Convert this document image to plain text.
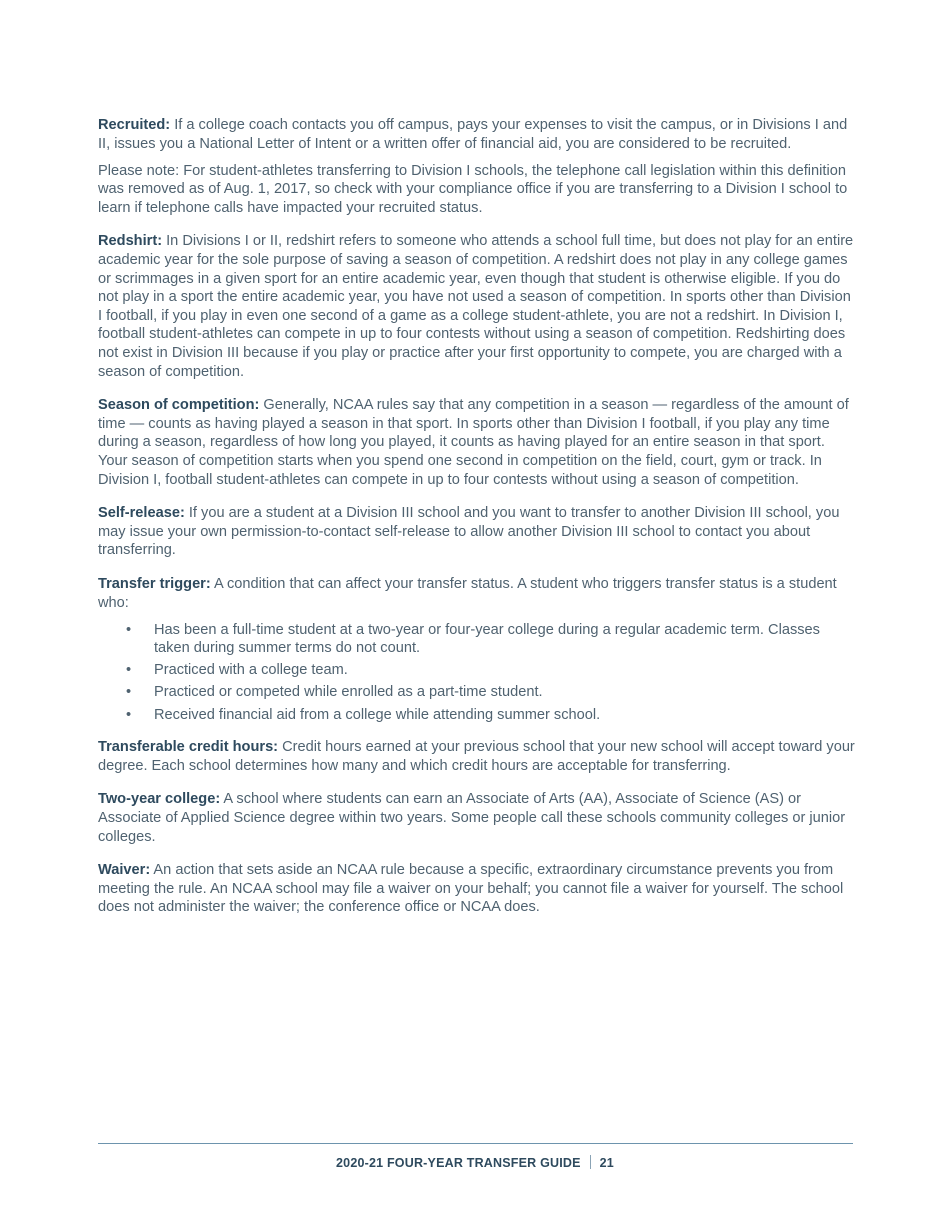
Recruited: If a college coach contacts you off campus, pays your expenses to visit the campus, or in Divisions I and II, issues you a National Letter of Intent or a written offer of financial aid, you are considered to be recruited.

Please note: For student-athletes transferring to Division I schools, the telephone call legislation within this definition was removed as of Aug. 1, 2017, so check with your compliance office if you are transferring to a Division I school to learn if telephone calls have impacted your recruited status.

Redshirt: In Divisions I or II, redshirt refers to someone who attends a school full time, but does not play for an entire academic year for the sole purpose of saving a season of competition. A redshirt does not play in any college games or scrimmages in a given sport for an entire academic year, even though that student is otherwise eligible. If you do not play in a sport the entire academic year, you have not used a season of competition. In sports other than Division I football, if you play in even one second of a game as a college student-athlete, you are not a redshirt. In Division I, football student-athletes can compete in up to four contests without using a season of competition. Redshirting does not exist in Division III because if you play or practice after your first opportunity to compete, you are charged with a season of competition.

Season of competition: Generally, NCAA rules say that any competition in a season — regardless of the amount of time — counts as having played a season in that sport. In sports other than Division I football, if you play any time during a season, regardless of how long you played, it counts as having played for an entire season in that sport. Your season of competition starts when you spend one second in competition on the field, court, gym or track. In Division I, football student-athletes can compete in up to four contests without using a season of competition.

Self-release: If you are a student at a Division III school and you want to transfer to another Division III school, you may issue your own permission-to-contact self-release to allow another Division III school to contact you about transferring.

Transfer trigger: A condition that can affect your transfer status. A student who triggers transfer status is a student who:

• Has been a full-time student at a two-year or four-year college during a regular academic term. Classes taken during summer terms do not count.
• Practiced with a college team.
• Practiced or competed while enrolled as a part-time student.
• Received financial aid from a college while attending summer school.

Transferable credit hours: Credit hours earned at your previous school that your new school will accept toward your degree. Each school determines how many and which credit hours are acceptable for transferring.

Two-year college: A school where students can earn an Associate of Arts (AA), Associate of Science (AS) or Associate of Applied Science degree within two years. Some people call these schools community colleges or junior colleges.

Waiver: An action that sets aside an NCAA rule because a specific, extraordinary circumstance prevents you from meeting the rule. An NCAA school may file a waiver on your behalf; you cannot file a waiver for yourself. The school does not administer the waiver; the conference office or NCAA does.

2020-21 FOUR-YEAR TRANSFER GUIDE 21
